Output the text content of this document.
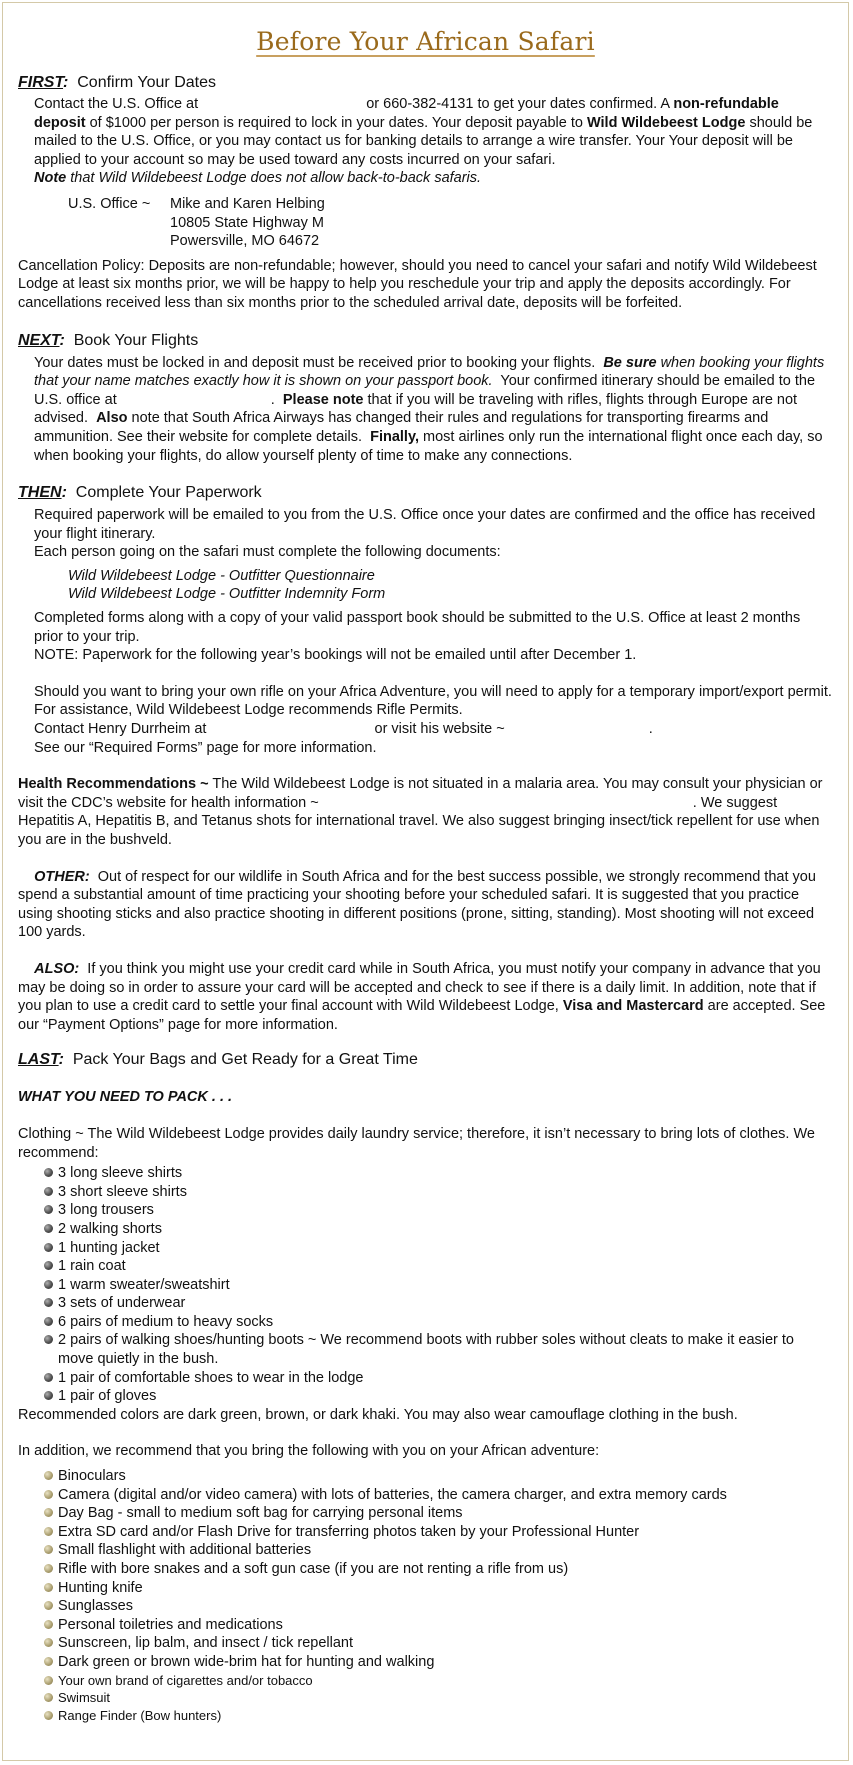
Before Your African Safari
FIRST: Confirm Your Dates

Contact the U.S. Office at	or 660-382-4131 to get your dates confirmed. A non-refundable deposit of $1000 per person is required to lock in your dates. Your deposit payable to Wild Wildebeest Lodge should be mailed to the U.S. Office, or you may contact us for banking details to arrange a wire transfer. Your Your deposit will be applied to your account so may be used toward any costs incurred on your safari.

Note that Wild Wildebeest Lodge does not allow back-to-back safaris.

U.S. Office ~	Mike and Karen Helbing
10805 State Highway M
Powersville, MO 64672

Cancellation Policy: Deposits are non-refundable; however, should you need to cancel your safari and notify Wild Wildebeest Lodge at least six months prior, we will be happy to help you reschedule your trip and apply the deposits accordingly. For cancellations received less than six months prior to the scheduled arrival date, deposits will be forfeited.

NEXT: Book Your Flights

Your dates must be locked in and deposit must be received prior to booking your flights. Be sure when booking your flights that your name matches exactly how it is shown on your passport book. Your confirmed itinerary should be emailed to the U.S. office at	. Please note that if you will be traveling with rifles, flights through Europe are not advised. Also note that South Africa Airways has changed their rules and regulations for transporting firearms and ammunition. See their website for complete details. Finally, most airlines only run the international flight once each day, so when booking your flights, do allow yourself plenty of time to make any connections.

THEN: Complete Your Paperwork

Required paperwork will be emailed to you from the U.S. Office once your dates are confirmed and the office has received your flight itinerary.

Each person going on the safari must complete the following documents:

Wild Wildebeest Lodge - Outfitter Questionnaire
Wild Wildebeest Lodge - Outfitter Indemnity Form

Completed forms along with a copy of your valid passport book should be submitted to the U.S. Office at least 2 months prior to your trip.

NOTE: Paperwork for the following year’s bookings will not be emailed until after December 1.

Should you want to bring your own rifle on your Africa Adventure, you will need to apply for a temporary import/export permit. For assistance, Wild Wildebeest Lodge recommends Rifle Permits.

Contact Henry Durrheim at	or visit his website ~	.

See our “Required Forms” page for more information.

Health Recommendations ~ The Wild Wildebeest Lodge is not situated in a malaria area. You may consult your physician or visit the CDC’s website for health information ~	. We suggest Hepatitis A, Hepatitis B, and Tetanus shots for international travel. We also suggest bringing insect/tick repellent for use when you are in the bushveld.

OTHER: Out of respect for our wildlife in South Africa and for the best success possible, we strongly recommend that you spend a substantial amount of time practicing your shooting before your scheduled safari. It is suggested that you practice using shooting sticks and also practice shooting in different positions (prone, sitting, standing). Most shooting will not exceed 100 yards.

ALSO: If you think you might use your credit card while in South Africa, you must notify your company in advance that you may be doing so in order to assure your card will be accepted and check to see if there is a daily limit. In addition, note that if you plan to use a credit card to settle your final account with Wild Wildebeest Lodge, Visa and Mastercard are accepted. See our “Payment Options” page for more information.

LAST: Pack Your Bags and Get Ready for a Great Time

WHAT YOU NEED TO PACK . . .

Clothing ~ The Wild Wildebeest Lodge provides daily laundry service; therefore, it isn’t necessary to bring lots of clothes. We recommend:

3 long sleeve shirts
3 short sleeve shirts
3 long trousers
2 walking shorts
1 hunting jacket
1 rain coat
1 warm sweater/sweatshirt
3 sets of underwear
6 pairs of medium to heavy socks
2 pairs of walking shoes/hunting boots ~ We recommend boots with rubber soles without cleats to make it easier to move quietly in the bush.
1 pair of comfortable shoes to wear in the lodge
1 pair of gloves

Recommended colors are dark green, brown, or dark khaki. You may also wear camouflage clothing in the bush.

In addition, we recommend that you bring the following with you on your African adventure:

Binoculars
Camera (digital and/or video camera) with lots of batteries, the camera charger, and extra memory cards
Day Bag - small to medium soft bag for carrying personal items
Extra SD card and/or Flash Drive for transferring photos taken by your Professional Hunter
Small flashlight with additional batteries
Rifle with bore snakes and a soft gun case (if you are not renting a rifle from us)
Hunting knife
Sunglasses
Personal toiletries and medications
Sunscreen, lip balm, and insect / tick repellant
Dark green or brown wide-brim hat for hunting and walking
Your own brand of cigarettes and/or tobacco
Swimsuit
Range Finder (Bow hunters)
